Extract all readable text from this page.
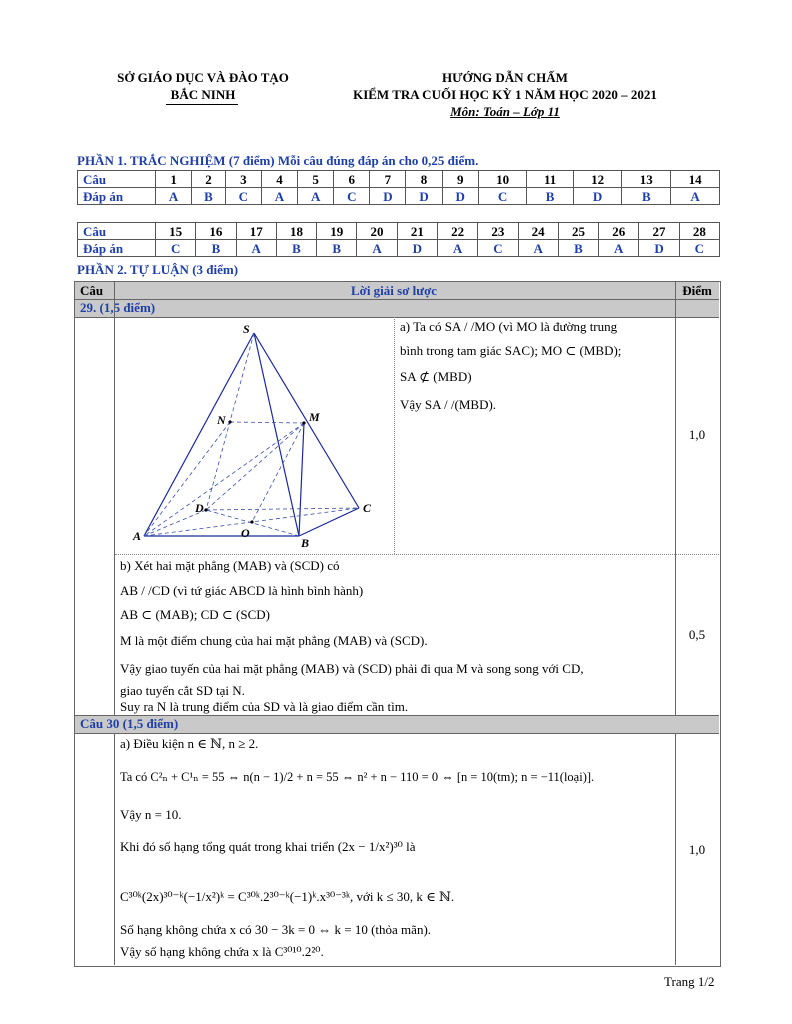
SỞ GIÁO DỤC VÀ ĐÀO TẠO
BẮC NINH
HƯỚNG DẪN CHẤM
KIỂM TRA CUỐI HỌC KỲ 1 NĂM HỌC 2020 – 2021
Môn: Toán – Lớp 11
PHẦN 1. TRẮC NGHIỆM (7 điểm) Mỗi câu đúng đáp án cho 0,25 điểm.
Câu	1	2	3	4	5	6	7	8	9	10	11	12	13	14
Đáp án	A	B	C	A	A	C	D	D	D	C	B	D	B	A
Câu	15	16	17	18	19	20	21	22	23	24	25	26	27	28
Đáp án	C	B	A	B	B	A	D	A	C	A	B	A	D	C
PHẦN 2. TỰ LUẬN (3 điểm)
Câu	Lời giải sơ lược	Điểm
29. (1,5 điểm)
S
M
N
D	C
O
A	B
a) Ta có SA / /MO (vì MO là đường trung
bình trong tam giác SAC); MO ⊂ (MBD);
SA ⊄ (MBD)
Vậy SA / /(MBD).
1,0
b) Xét hai mặt phẳng (MAB) và (SCD) có
AB / /CD (vì tứ giác ABCD là hình bình hành)
AB ⊂ (MAB); CD ⊂ (SCD)
M là một điểm chung của hai mặt phẳng (MAB) và (SCD).
Vậy giao tuyến của hai mặt phẳng (MAB) và (SCD) phải đi qua M và song song với CD,
giao tuyến cắt SD tại N.
Suy ra N là trung điểm của SD và là giao điểm cần tìm.
0,5
Câu 30 (1,5 điểm)
a) Điều kiện n ∈ ℕ, n ≥ 2.
Ta có C²ₙ + C¹ₙ = 55 ⇔ n(n − 1)/2 + n = 55 ⇔ n² + n − 110 = 0 ⇔ [n = 10(tm); n = −11(loại)].
Vậy n = 10.
Khi đó số hạng tổng quát trong khai triển (2x − 1/x²)³⁰ là
C³⁰ᵏ(2x)³⁰⁻ᵏ(−1/x²)ᵏ = C³⁰ᵏ.2³⁰⁻ᵏ(−1)ᵏ.x³⁰⁻³ᵏ, với k ≤ 30, k ∈ ℕ.
Số hạng không chứa x có 30 − 3k = 0 ⇔ k = 10 (thỏa mãn).
Vậy số hạng không chứa x là C³⁰¹⁰.2²⁰.
1,0
Trang 1/2
